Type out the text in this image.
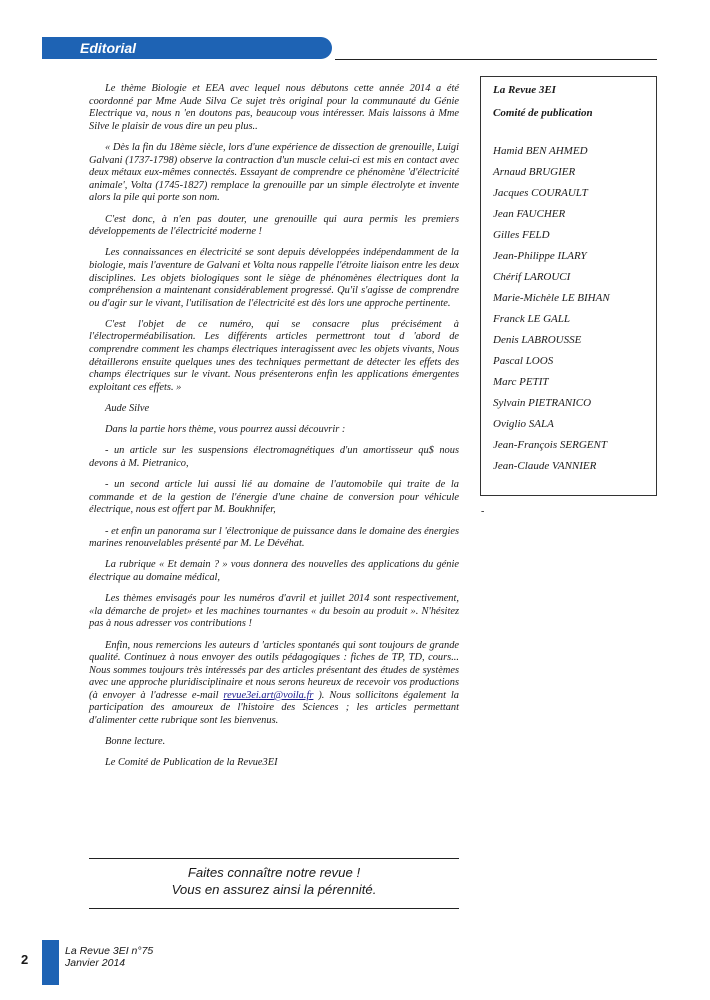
Editorial

Le thème Biologie et EEA avec lequel nous débutons cette année 2014 a été coordonné par Mme Aude Silva Ce sujet très original pour la communauté du Génie Electrique va, nous n 'en doutons pas, beaucoup vous intéresser. Mais laissons à Mme Silve le plaisir de vous dire un peu plus..

« Dès la fin du 18ème siècle, lors d'une expérience de dissection de grenouille, Luigi Galvani (1737-1798) observe la contraction d'un muscle celui-ci est mis en contact avec deux métaux eux-mêmes connectés. Essayant de comprendre ce phénomène 'd'électricité animale', Volta (1745-1827) remplace la grenouille par un simple électrolyte et invente alors la pile qui porte son nom.

C'est donc, à n'en pas douter, une grenouille qui aura permis les premiers développements de l'électricité moderne !

Les connaissances en électricité se sont depuis développées indépendamment de la biologie, mais l'aventure de Galvani et Volta nous rappelle l'étroite liaison entre les deux disciplines. Les objets biologiques sont le siège de phénomènes électriques dont la compréhension a maintenant considérablement progressé. Qu'il s'agisse de comprendre ou d'agir sur le vivant, l'utilisation de l'électricité est dès lors une approche pertinente.

C'est l'objet de ce numéro, qui se consacre plus précisément à l'électroperméabilisation. Les différents articles permettront tout d 'abord de comprendre comment les champs électriques interagissent avec les objets vivants, Nous détaillerons ensuite quelques unes des techniques permettant de détecter les effets des champs électriques sur le vivant. Nous présenterons enfin les applications émergentes exploitant ces effets. »

Aude Silve

Dans la partie hors thème, vous pourrez aussi découvrir :

- un article sur les suspensions électromagnétiques d'un amortisseur qu$ nous devons à M. Pietranico,

- un second article lui aussi lié au domaine de l'automobile qui traite de la commande et de la gestion de l'énergie d'une chaine de conversion pour véhicule électrique, nous est offert par M. Boukhnifer,

- et enfin un panorama sur l 'électronique de puissance dans le domaine des énergies marines renouvelables présenté par M. Le Dévéhat.

La rubrique « Et demain ? » vous donnera des nouvelles des applications du génie électrique au domaine médical,

Les thèmes envisagés pour les numéros d'avril et juillet 2014 sont respectivement, «la démarche de projet» et les machines tournantes « du besoin au produit ». N'hésitez pas à nous adresser vos contributions !

Enfin, nous remercions les auteurs d 'articles spontanés qui sont toujours de grande qualité. Continuez à nous envoyer des outils pédagogiques : fiches de TP, TD, cours... Nous sommes toujours très intéressés par des articles présentant des études de systèmes avec une approche pluridisciplinaire et nous serons heureux de recevoir vos productions (à envoyer à l'adresse e-mail revue3ei.art@voila.fr ). Nous sollicitons également la participation des amoureux de l'histoire des Sciences ; les articles permettant d'alimenter cette rubrique sont les bienvenus.

Bonne lecture.

Le Comité de Publication de la Revue3EI

La Revue 3EI
Comité de publication
Hamid BEN AHMED
Arnaud BRUGIER
Jacques COURAULT
Jean FAUCHER
Gilles FELD
Jean-Philippe ILARY
Chérif LAROUCI
Marie-Michèle LE BIHAN
Franck LE GALL
Denis LABROUSSE
Pascal LOOS
Marc PETIT
Sylvain PIETRANICO
Oviglio SALA
Jean-François SERGENT
Jean-Claude VANNIER
-
Faites connaître notre revue !
Vous en assurez ainsi la pérennité.
2
La Revue 3EI n°75
Janvier 2014
